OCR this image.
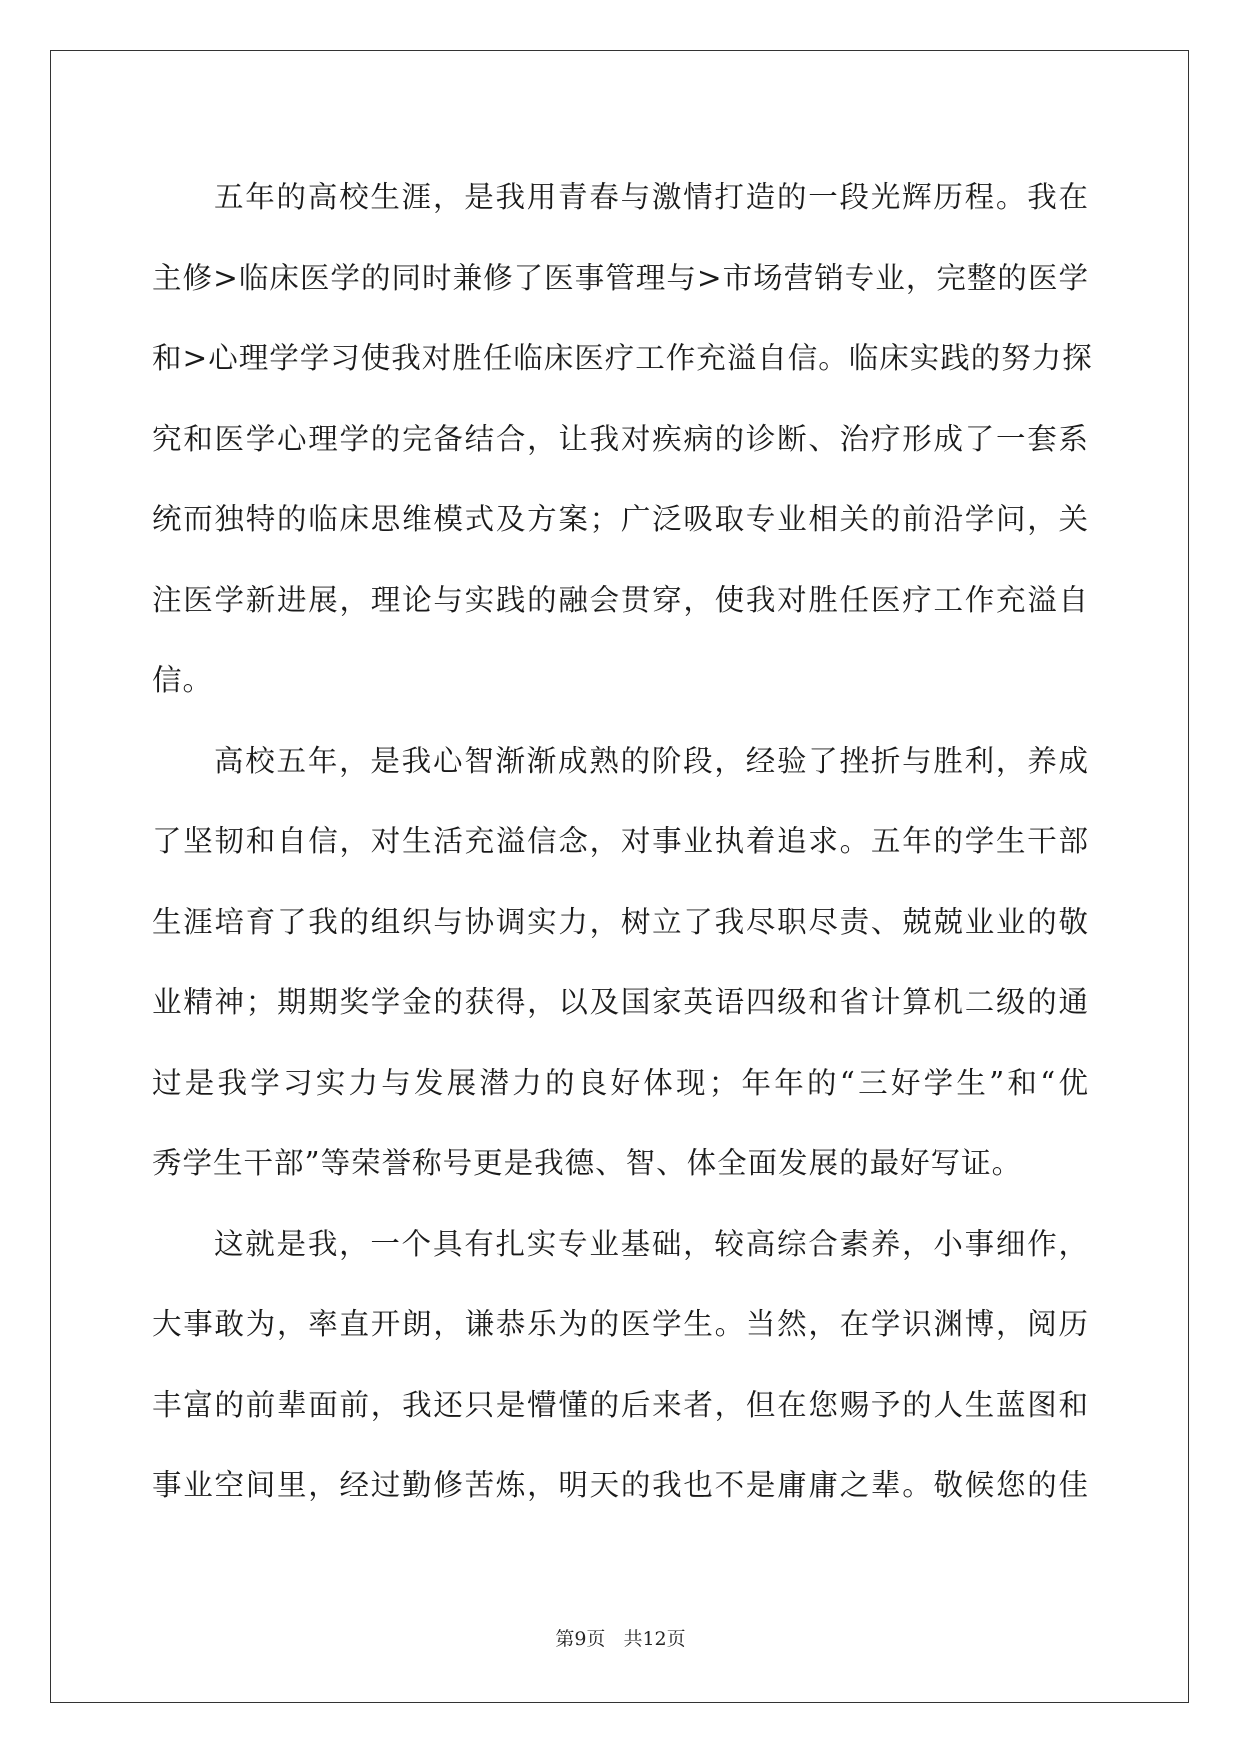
五年的高校生涯，是我用青春与激情打造的一段光辉历程。我在
主修>临床医学的同时兼修了医事管理与>市场营销专业，完整的医学
和>心理学学习使我对胜任临床医疗工作充溢自信。临床实践的努力探
究和医学心理学的完备结合，让我对疾病的诊断、治疗形成了一套系
统而独特的临床思维模式及方案；广泛吸取专业相关的前沿学问，关
注医学新进展，理论与实践的融会贯穿，使我对胜任医疗工作充溢自
信。
高校五年，是我心智渐渐成熟的阶段，经验了挫折与胜利，养成
了坚韧和自信，对生活充溢信念，对事业执着追求。五年的学生干部
生涯培育了我的组织与协调实力，树立了我尽职尽责、兢兢业业的敬
业精神；期期奖学金的获得，以及国家英语四级和省计算机二级的通
过是我学习实力与发展潜力的良好体现；年年的“三好学生”和“优
秀学生干部”等荣誉称号更是我德、智、体全面发展的最好写证。
这就是我，一个具有扎实专业基础，较高综合素养，小事细作，
大事敢为，率直开朗，谦恭乐为的医学生。当然，在学识渊博，阅历
丰富的前辈面前，我还只是懵懂的后来者，但在您赐予的人生蓝图和
事业空间里，经过勤修苦炼，明天的我也不是庸庸之辈。敬候您的佳
第9页 共12页
